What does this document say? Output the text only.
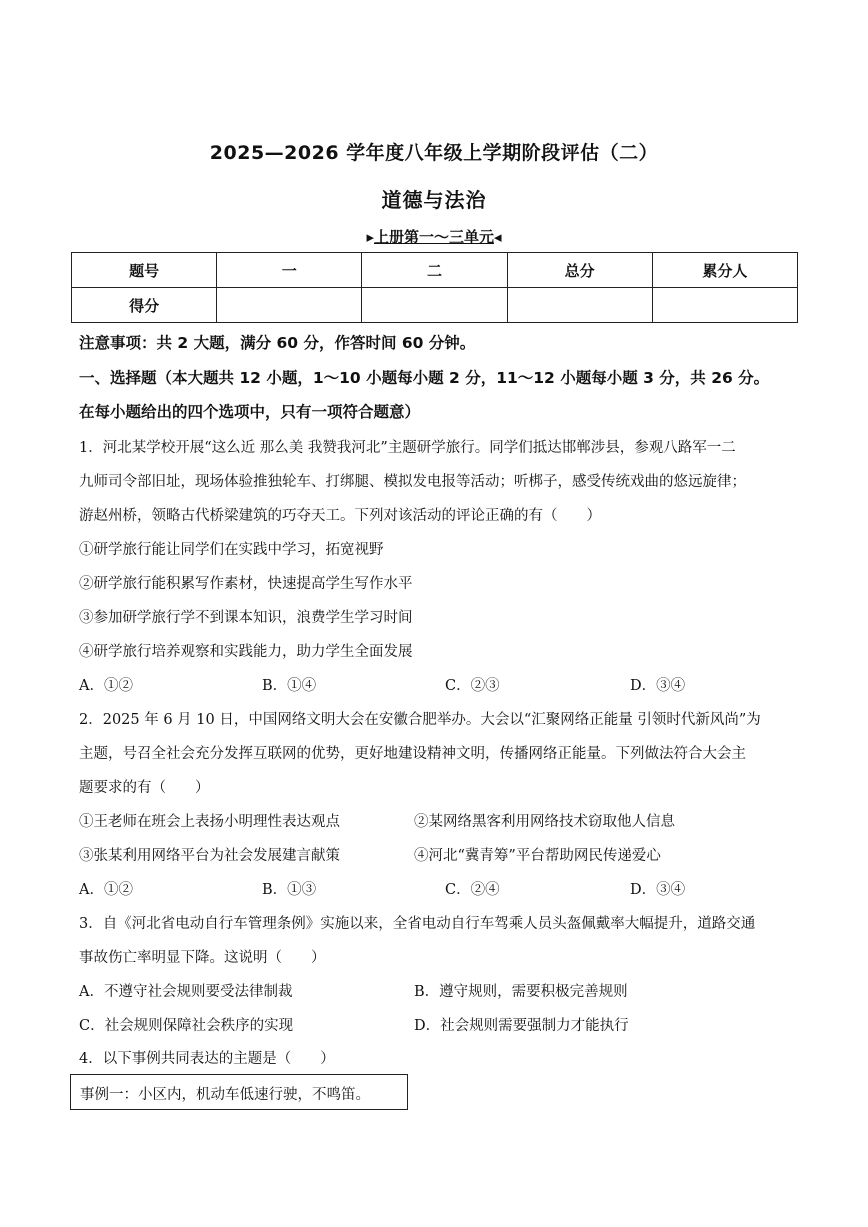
2025—2026 学年度八年级上学期阶段评估（二）
道德与法治
▸上册第一～三单元◂
题号	一	二	总分	累分人
得分				
注意事项：共 2 大题，满分 60 分，作答时间 60 分钟。
一、选择题（本大题共 12 小题，1～10 小题每小题 2 分，11～12 小题每小题 3 分，共 26 分。
在每小题给出的四个选项中，只有一项符合题意）
1．河北某学校开展“这么近 那么美 我赞我河北”主题研学旅行。同学们抵达邯郸涉县，参观八路军一二
九师司令部旧址，现场体验推独轮车、打绑腿、模拟发电报等活动；听梆子，感受传统戏曲的悠远旋律；
游赵州桥，领略古代桥梁建筑的巧夺天工。下列对该活动的评论正确的有（　　）
①研学旅行能让同学们在实践中学习，拓宽视野
②研学旅行能积累写作素材，快速提高学生写作水平
③参加研学旅行学不到课本知识，浪费学生学习时间
④研学旅行培养观察和实践能力，助力学生全面发展
A．①②	B．①④	C．②③	D．③④
2．2025 年 6 月 10 日，中国网络文明大会在安徽合肥举办。大会以“汇聚网络正能量 引领时代新风尚”为
主题，号召全社会充分发挥互联网的优势，更好地建设精神文明，传播网络正能量。下列做法符合大会主
题要求的有（　　）
①王老师在班会上表扬小明理性表达观点	②某网络黑客利用网络技术窃取他人信息
③张某利用网络平台为社会发展建言献策	④河北“冀青筹”平台帮助网民传递爱心
A．①②	B．①③	C．②④	D．③④
3．自《河北省电动自行车管理条例》实施以来，全省电动自行车驾乘人员头盔佩戴率大幅提升，道路交通
事故伤亡率明显下降。这说明（　　）
A．不遵守社会规则要受法律制裁	B．遵守规则，需要积极完善规则
C．社会规则保障社会秩序的实现	D．社会规则需要强制力才能执行
4．以下事例共同表达的主题是（　　）
事例一：小区内，机动车低速行驶，不鸣笛。
